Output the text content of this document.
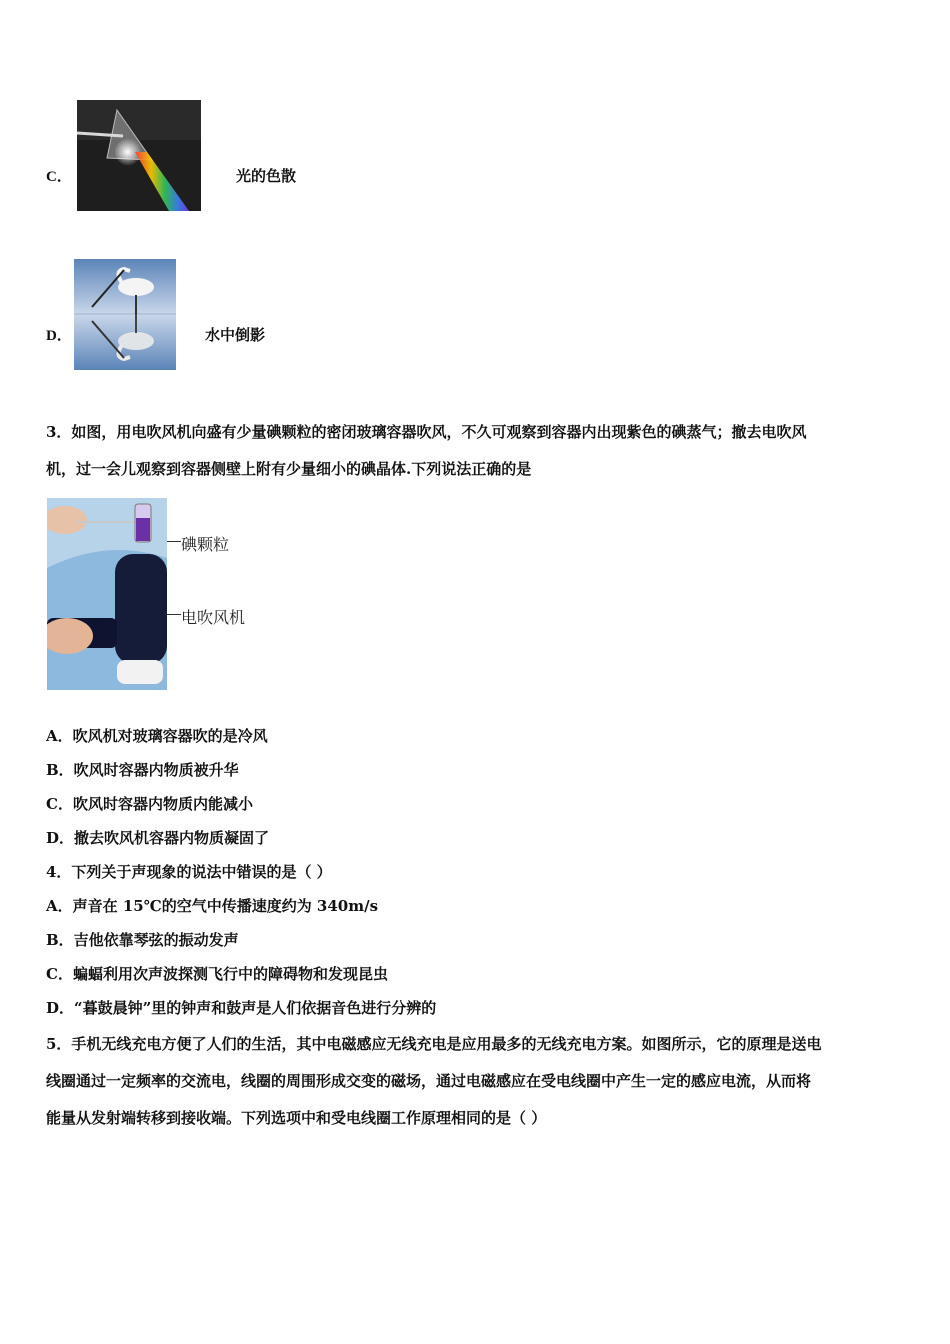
C．	光的色散
D．	水中倒影
3．如图，用电吹风机向盛有少量碘颗粒的密闭玻璃容器吹风，不久可观察到容器内出现紫色的碘蒸气；撤去电吹风
机，过一会儿观察到容器侧壁上附有少量细小的碘晶体.下列说法正确的是
碘颗粒
电吹风机
A．吹风机对玻璃容器吹的是冷风
B．吹风时容器内物质被升华
C．吹风时容器内物质内能减小
D．撤去吹风机容器内物质凝固了
4．下列关于声现象的说法中错误的是（ ）
A．声音在 15℃的空气中传播速度约为 340m/s
B．吉他依靠琴弦的振动发声
C．蝙蝠利用次声波探测飞行中的障碍物和发现昆虫
D．“暮鼓晨钟”里的钟声和鼓声是人们依据音色进行分辨的
5．手机无线充电方便了人们的生活，其中电磁感应无线充电是应用最多的无线充电方案。如图所示，它的原理是送电
线圈通过一定频率的交流电，线圈的周围形成交变的磁场，通过电磁感应在受电线圈中产生一定的感应电流，从而将
能量从发射端转移到接收端。下列选项中和受电线圈工作原理相同的是（ ）
